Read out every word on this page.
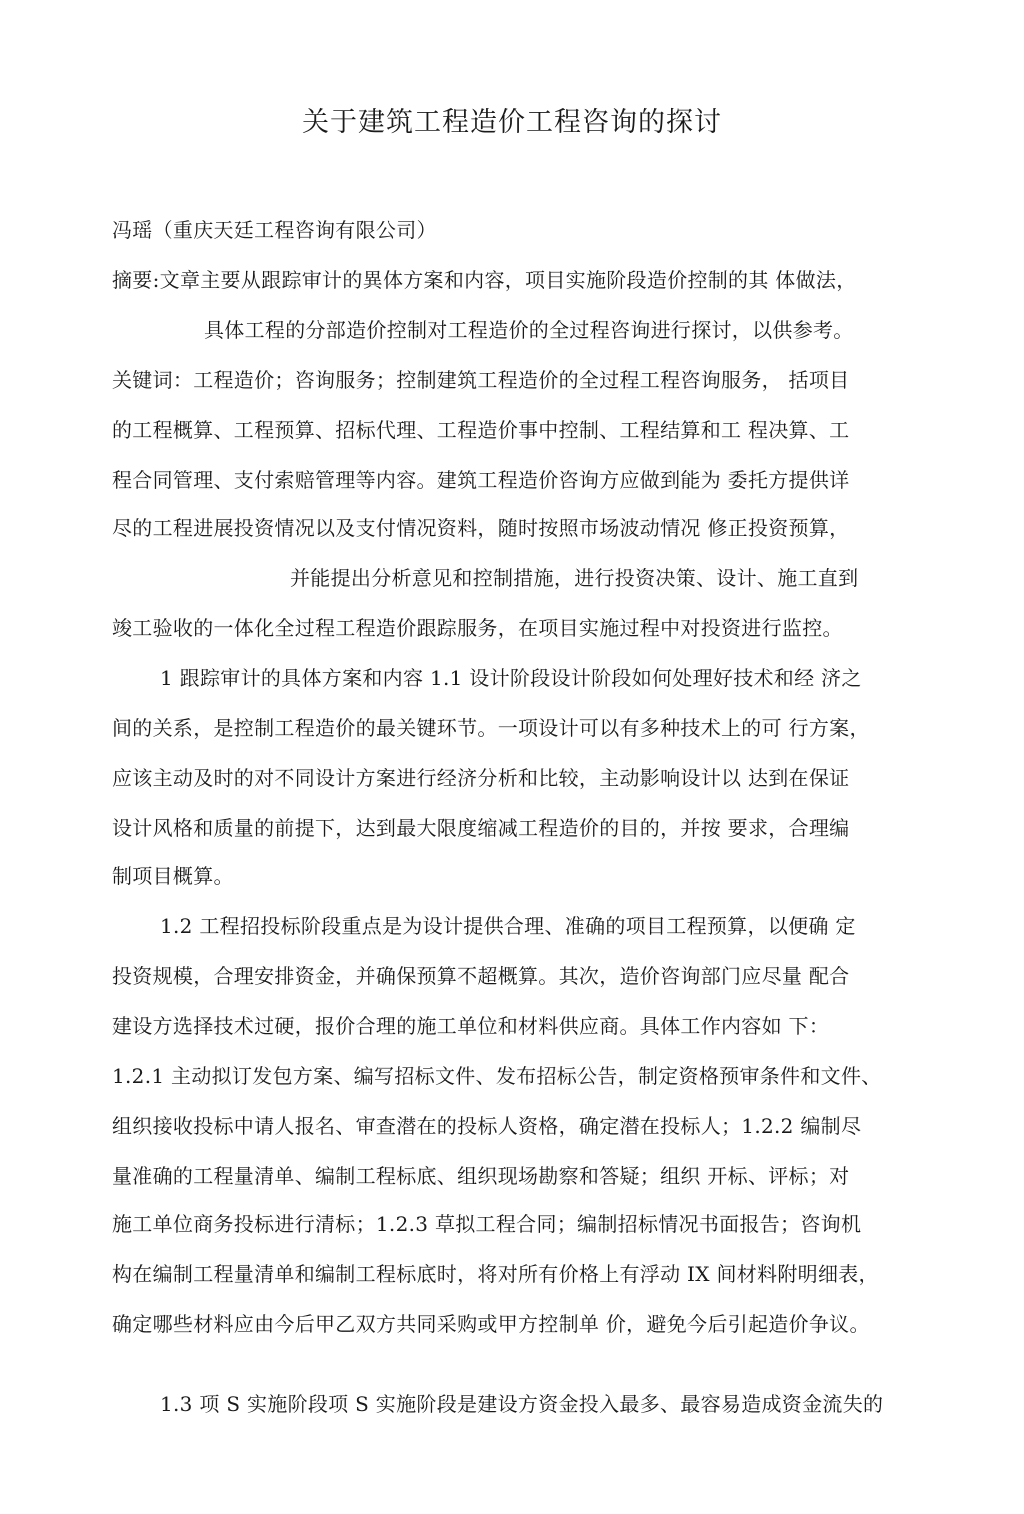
关于建筑工程造价工程咨询的探讨
冯瑶（重庆天廷工程咨询有限公司）
摘要:文章主要从跟踪审计的異体方案和内容，项目实施阶段造价控制的其 体做法，
具体工程的分部造价控制对工程造价的全过程咨询进行探讨，以供参考。
关键词：工程造价；咨询服务；控制建筑工程造价的全过程工程咨询服务， 括项目
的工程概算、工程预算、招标代理、工程造价事中控制、工程结算和工 程决算、工
程合同管理、支付索赔管理等内容。建筑工程造价咨询方应做到能为 委托方提供详
尽的工程进展投资情况以及支付情况资料，随时按照市场波动情况 修正投资预算，
并能提出分析意见和控制措施，进行投资决策、设计、施工直到
竣工验收的一体化全过程工程造价跟踪服务，在项目实施过程中对投资进行监控。
1 跟踪审计的具体方案和内容 1.1 设计阶段设计阶段如何处理好技术和经 济之
间的关系，是控制工程造价的最关键环节。一项设计可以有多种技术上的可 行方案，
应该主动及时的对不同设计方案进行经济分析和比较，主动影响设计以 达到在保证
设计风格和质量的前提下，达到最大限度缩减工程造价的目的，并按 要求，合理编
制项目概算。
1.2 工程招投标阶段重点是为设计提供合理、准确的项目工程预算，以便确 定
投资规模，合理安排资金，并确保预算不超概算。其次，造价咨询部门应尽量 配合
建设方选择技术过硬，报价合理的施工单位和材料供应商。具体工作内容如 下：
1.2.1 主动拟订发包方案、编写招标文件、发布招标公告，制定资格预审条件和文件、
组织接收投标中请人报名、审查潜在的投标人资格，确定潜在投标人；1.2.2 编制尽
量准确的工程量清单、编制工程标底、组织现场勘察和答疑；组织 开标、评标；对
施工单位商务投标进行清标；1.2.3 草拟工程合同；编制招标情况书面报告；咨询机
构在编制工程量清单和编制工程标底时，将对所有价格上有浮动 IX 间材料附明细表，
确定哪些材料应由今后甲乙双方共同采购或甲方控制单 价，避免今后引起造价争议。
1.3 项 S 实施阶段项 S 实施阶段是建设方资金投入最多、最容易造成资金流失的
